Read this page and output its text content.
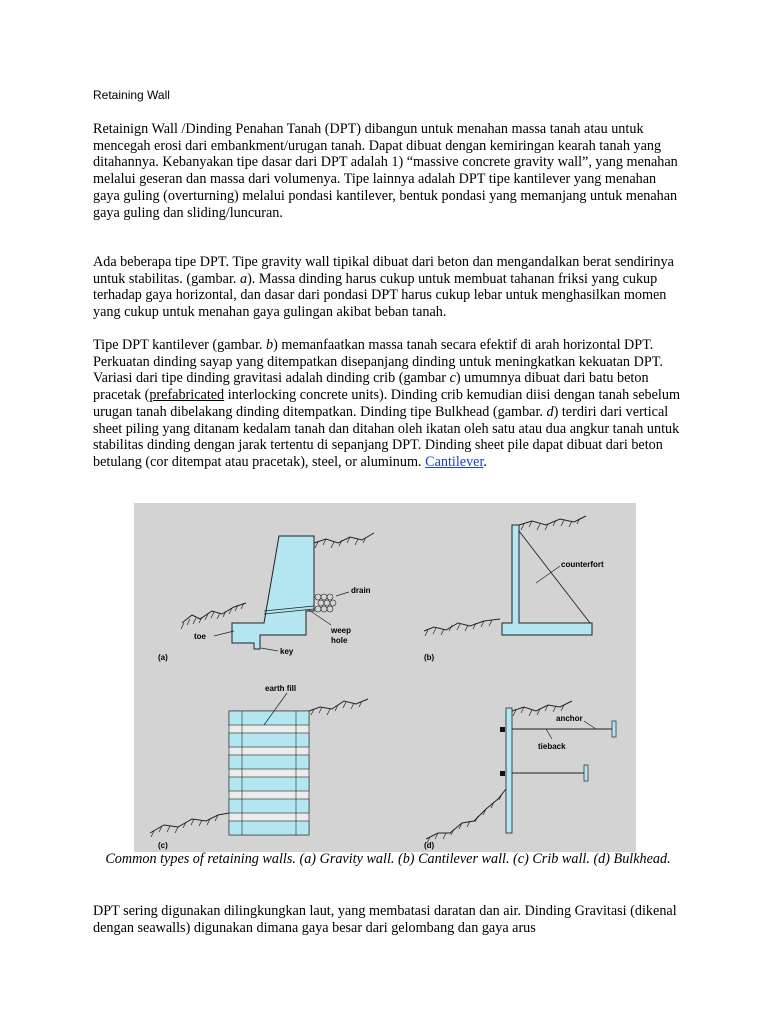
Retaining Wall

Retainign Wall /Dinding Penahan Tanah (DPT) dibangun untuk menahan massa tanah atau untuk mencegah erosi dari embankment/urugan tanah. Dapat dibuat dengan kemiringan kearah tanah yang ditahannya. Kebanyakan tipe dasar dari DPT adalah 1) “massive concrete gravity wall”, yang menahan melalui geseran dan massa dari volumenya. Tipe lainnya adalah DPT tipe kantilever yang menahan gaya guling (overturning) melalui pondasi kantilever, bentuk pondasi yang memanjang untuk menahan gaya guling dan sliding/luncuran.

Ada beberapa tipe DPT. Tipe gravity wall tipikal dibuat dari beton dan mengandalkan berat sendirinya untuk stabilitas. (gambar. a). Massa dinding harus cukup untuk membuat tahanan friksi yang cukup terhadap gaya horizontal, dan dasar dari pondasi DPT harus cukup lebar untuk menghasilkan momen yang cukup untuk menahan gaya gulingan akibat beban tanah.

Tipe DPT kantilever (gambar. b) memanfaatkan massa tanah secara efektif di arah horizontal DPT. Perkuatan dinding sayap yang ditempatkan disepanjang dinding untuk meningkatkan kekuatan DPT. Variasi dari tipe dinding gravitasi adalah dinding crib (gambar c) umumnya dibuat dari batu beton pracetak (prefabricated interlocking concrete units). Dinding crib kemudian diisi dengan tanah sebelum urugan tanah dibelakang dinding ditempatkan. Dinding tipe Bulkhead (gambar. d) terdiri dari vertical sheet piling yang ditanam kedalam tanah dan ditahan oleh ikatan oleh satu atau dua angkur tanah untuk stabilitas dinding dengan jarak tertentu di sepanjang DPT. Dinding sheet pile dapat dibuat dari beton betulang (cor ditempat atau pracetak), steel, or aluminum. Cantilever.

drain
weep
hole
toe
key
(a)
counterfort
(b)
earth fill
(c)
anchor
tieback
(d)
Common types of retaining walls. (a) Gravity wall. (b) Cantilever wall. (c) Crib wall. (d) Bulkhead.

DPT sering digunakan dilingkungkan laut, yang membatasi daratan dan air. Dinding Gravitasi (dikenal dengan seawalls) digunakan dimana gaya besar dari gelombang dan gaya arus
